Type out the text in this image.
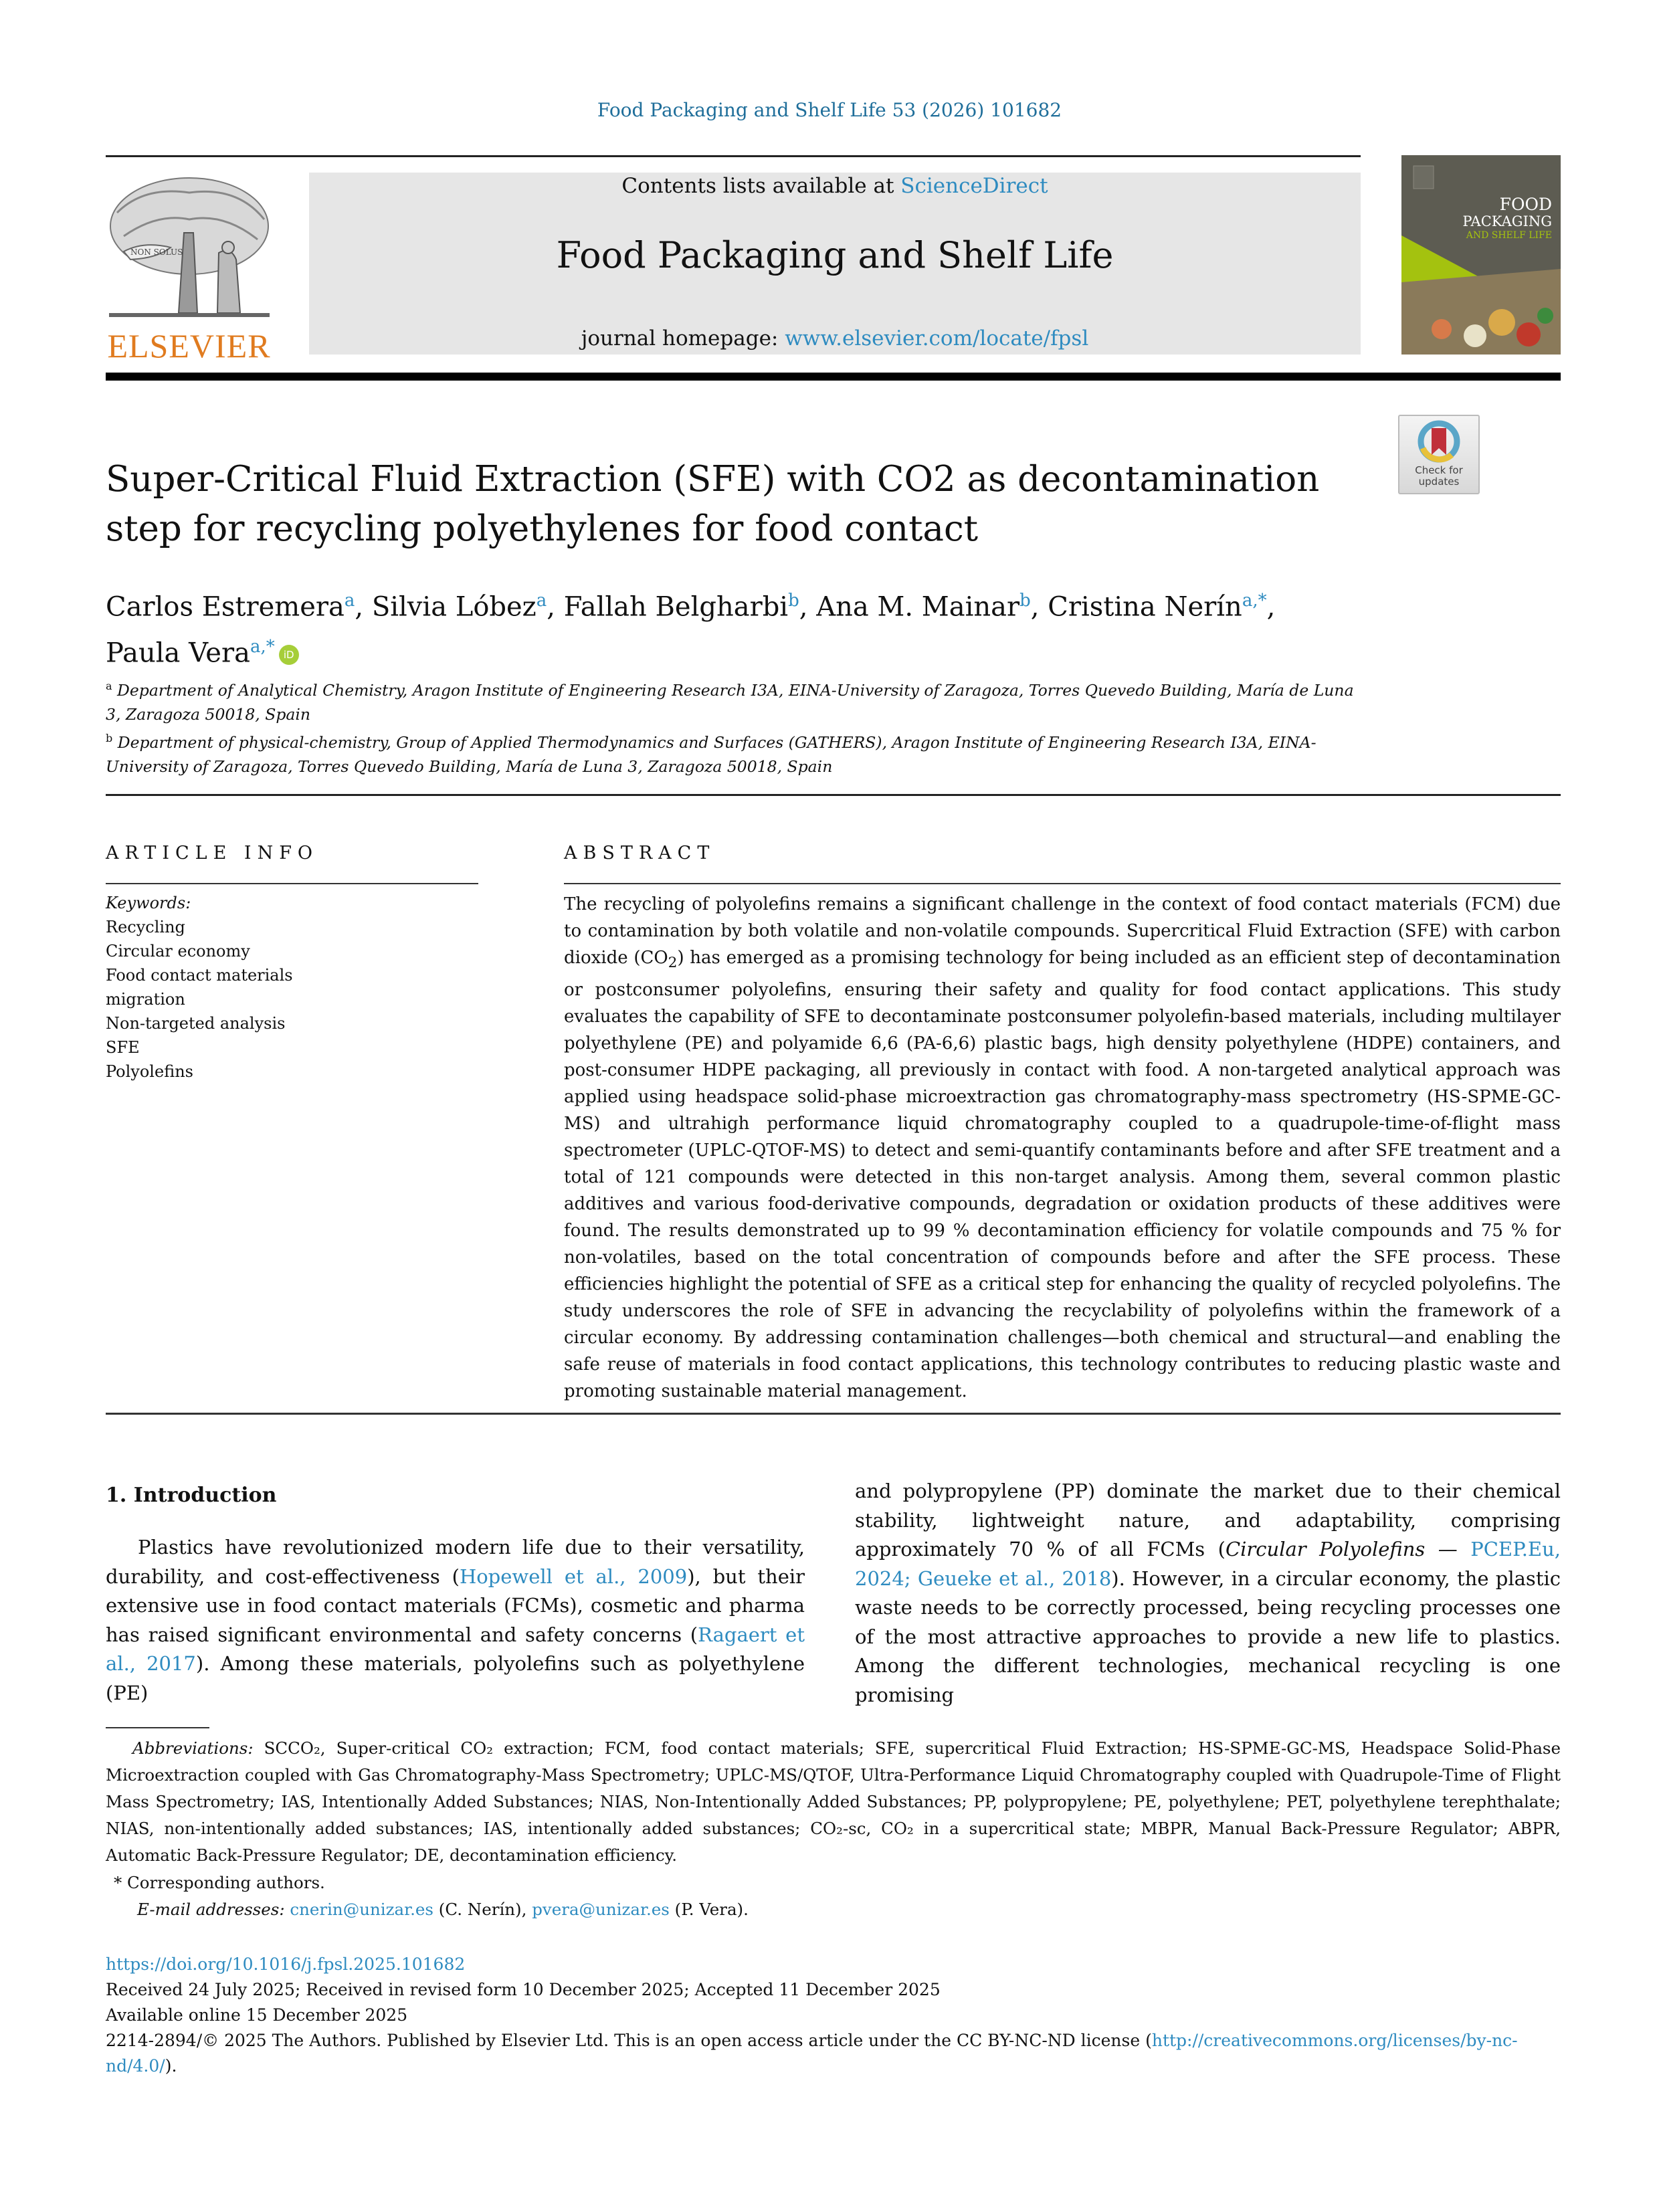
Food Packaging and Shelf Life 53 (2026) 101682
NON SOLUS
ELSEVIER
Contents lists available at ScienceDirect
Food Packaging and Shelf Life
journal homepage: www.elsevier.com/locate/fpsl
FOOD
PACKAGING
AND SHELF LIFE
Super-Critical Fluid Extraction (SFE) with CO2 as decontamination step for recycling polyethylenes for food contact
Check for
updates
Carlos Estremera$^a$, Silvia Lóbez$^a$, Fallah Belgharbi$^b$, Ana M. Mainar$^b$, Cristina Nerín$^{a,*}$,
Paula Vera$^{a,*}$ iD
$^a$ Department of Analytical Chemistry, Aragon Institute of Engineering Research I3A, EINA-University of Zaragoza, Torres Quevedo Building, María de Luna 3, Zaragoza 50018, Spain
$^b$ Department of physical-chemistry, Group of Applied Thermodynamics and Surfaces (GATHERS), Aragon Institute of Engineering Research I3A, EINA-University of Zaragoza, Torres Quevedo Building, María de Luna 3, Zaragoza 50018, Spain
ARTICLE INFO
Keywords:
Recycling
Circular economy
Food contact materials
migration
Non-targeted analysis
SFE
Polyolefins
ABSTRACT
The recycling of polyolefins remains a significant challenge in the context of food contact materials (FCM) due to contamination by both volatile and non-volatile compounds. Supercritical Fluid Extraction (SFE) with carbon dioxide $(CO_2)$ has emerged as a promising technology for being included as an efficient step of decontamination or postconsumer polyolefins, ensuring their safety and quality for food contact applications. This study evaluates the capability of SFE to decontaminate postconsumer polyolefin-based materials, including multilayer polyethylene (PE) and polyamide 6,6 (PA-6,6) plastic bags, high density polyethylene (HDPE) containers, and post-consumer HDPE packaging, all previously in contact with food. A non-targeted analytical approach was applied using headspace solid-phase microextraction gas chromatography-mass spectrometry (HS-SPME-GC-MS) and ultrahigh performance liquid chromatography coupled to a quadrupole-time-of-flight mass spectrometer (UPLC-QTOF-MS) to detect and semi-quantify contaminants before and after SFE treatment and a total of 121 compounds were detected in this non-target analysis. Among them, several common plastic additives and various food-derivative compounds, degradation or oxidation products of these additives were found. The results demonstrated up to 99 % decontamination efficiency for volatile compounds and 75 % for non-volatiles, based on the total concentration of compounds before and after the SFE process. These efficiencies highlight the potential of SFE as a critical step for enhancing the quality of recycled polyolefins. The study underscores the role of SFE in advancing the recyclability of polyolefins within the framework of a circular economy. By addressing contamination challenges—both chemical and structural—and enabling the safe reuse of materials in food contact applications, this technology contributes to reducing plastic waste and promoting sustainable material management.
1. Introduction
Plastics have revolutionized modern life due to their versatility, durability, and cost-effectiveness (Hopewell et al., 2009), but their extensive use in food contact materials (FCMs), cosmetic and pharma has raised significant environmental and safety concerns (Ragaert et al., 2017). Among these materials, polyolefins such as polyethylene (PE)
and polypropylene (PP) dominate the market due to their chemical stability, lightweight nature, and adaptability, comprising approximately 70 % of all FCMs (Circular Polyolefins — PCEP.Eu, 2024; Geueke et al., 2018). However, in a circular economy, the plastic waste needs to be correctly processed, being recycling processes one of the most attractive approaches to provide a new life to plastics. Among the different technologies, mechanical recycling is one promising
Abbreviations: SCCO₂, Super-critical CO₂ extraction; FCM, food contact materials; SFE, supercritical Fluid Extraction; HS-SPME-GC-MS, Headspace Solid-Phase Microextraction coupled with Gas Chromatography-Mass Spectrometry; UPLC-MS/QTOF, Ultra-Performance Liquid Chromatography coupled with Quadrupole-Time of Flight Mass Spectrometry; IAS, Intentionally Added Substances; NIAS, Non-Intentionally Added Substances; PP, polypropylene; PE, polyethylene; PET, polyethylene terephthalate; NIAS, non-intentionally added substances; IAS, intentionally added substances; CO₂-sc, CO₂ in a supercritical state; MBPR, Manual Back-Pressure Regulator; ABPR, Automatic Back-Pressure Regulator; DE, decontamination efficiency.
* Corresponding authors.
E-mail addresses: cnerin@unizar.es (C. Nerín), pvera@unizar.es (P. Vera).
https://doi.org/10.1016/j.fpsl.2025.101682
Received 24 July 2025; Received in revised form 10 December 2025; Accepted 11 December 2025
Available online 15 December 2025
2214-2894/© 2025 The Authors. Published by Elsevier Ltd. This is an open access article under the CC BY-NC-ND license (http://creativecommons.org/licenses/by-nc-nd/4.0/).
